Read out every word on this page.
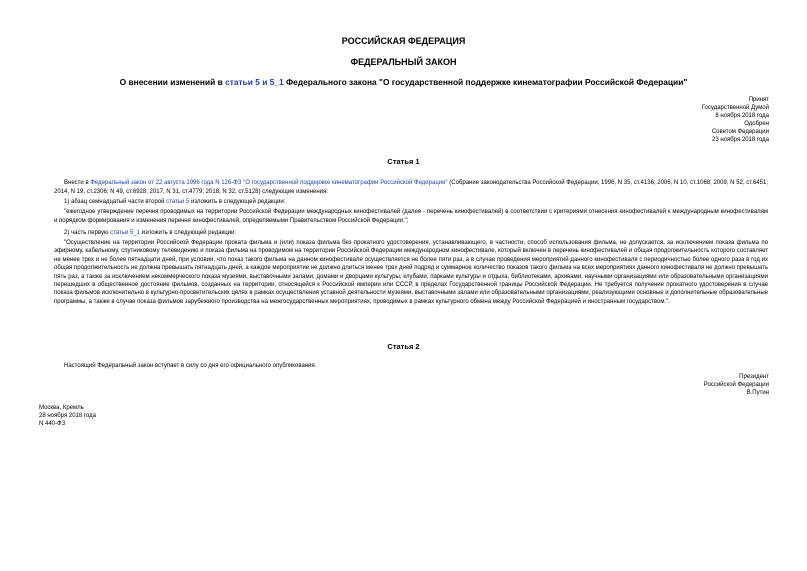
РОССИЙСКАЯ ФЕДЕРАЦИЯ
ФЕДЕРАЛЬНЫЙ ЗАКОН
О внесении изменений в статьи 5 и 5_1 Федерального закона "О государственной поддержке кинематографии Российской Федерации"
Принят
Государственной Думой
8 ноября 2018 года
Одобрен
Советом Федерации
23 ноября 2018 года
Статья 1
Внести в Федеральный закон от 22 августа 1996 года N 126-ФЗ "О государственной поддержке кинематографии Российской Федерации" (Собрание законодательства Российской Федерации, 1996, N 35, ст.4136; 2006, N 10, ст.1068; 2009, N 52, ст.6451; 2014, N 19, ст.2306; N 49, ст.6928; 2017, N 31, ст.4779; 2018, N 32, ст.5128) следующие изменения:
1) абзац семнадцатый части второй статьи 5 изложить в следующей редакции:
"ежегодное утверждение перечня проводимых на территории Российской Федерации международных кинофестивалей (далее - перечень кинофестивалей) в соответствии с критериями отнесения кинофестивалей к международным кинофестивалям и порядком формирования и изменения перечня кинофестивалей, определяемыми Правительством Российской Федерации;";
2) часть первую статьи 5_1 изложить в следующей редакции:
"Осуществление на территории Российской Федерации проката фильма и (или) показа фильма без прокатного удостоверения, устанавливающего, в частности, способ использования фильма, не допускается, за исключением показа фильма по эфирному, кабельному, спутниковому телевидению и показа фильма на проводимом на территории Российской Федерации международном кинофестивале, который включен в перечень кинофестивалей и общая продолжительность которого составляет не менее трех и не более пятнадцати дней, при условии, что показ такого фильма на данном кинофестивале осуществляется не более пяти раз, а в случае проведения мероприятий данного кинофестиваля с периодичностью более одного раза в год их общая продолжительность не должна превышать пятнадцать дней, а каждое мероприятие не должно длиться менее трех дней подряд и суммарное количество показов такого фильма на всех мероприятиях данного кинофестиваля не должно превышать пять раз, а также за исключением некоммерческого показа музеями, выставочными залами, домами и дворцами культуры, клубами, парками культуры и отдыха, библиотеками, архивами, научными организациями или образовательными организациями перешедших в общественное достояние фильмов, созданных на территории, относящейся к Российской империи или СССР, в пределах Государственной границы Российской Федерации. Не требуется получение прокатного удостоверения в случае показа фильмов исключительно в культурно-просветительских целях в рамках осуществления уставной деятельности музеями, выставочными залами или образовательными организациями, реализующими основные и дополнительные образовательные программы, а также в случае показа фильмов зарубежного производства на межгосударственных мероприятиях, проводимых в рамках культурного обмена между Российской Федерацией и иностранным государством.".
Статья 2
Настоящий Федеральный закон вступает в силу со дня его официального опубликования.
Президент
Российской Федерации
В.Путин
Москва, Кремль
28 ноября 2018 года
N 440-ФЗ
